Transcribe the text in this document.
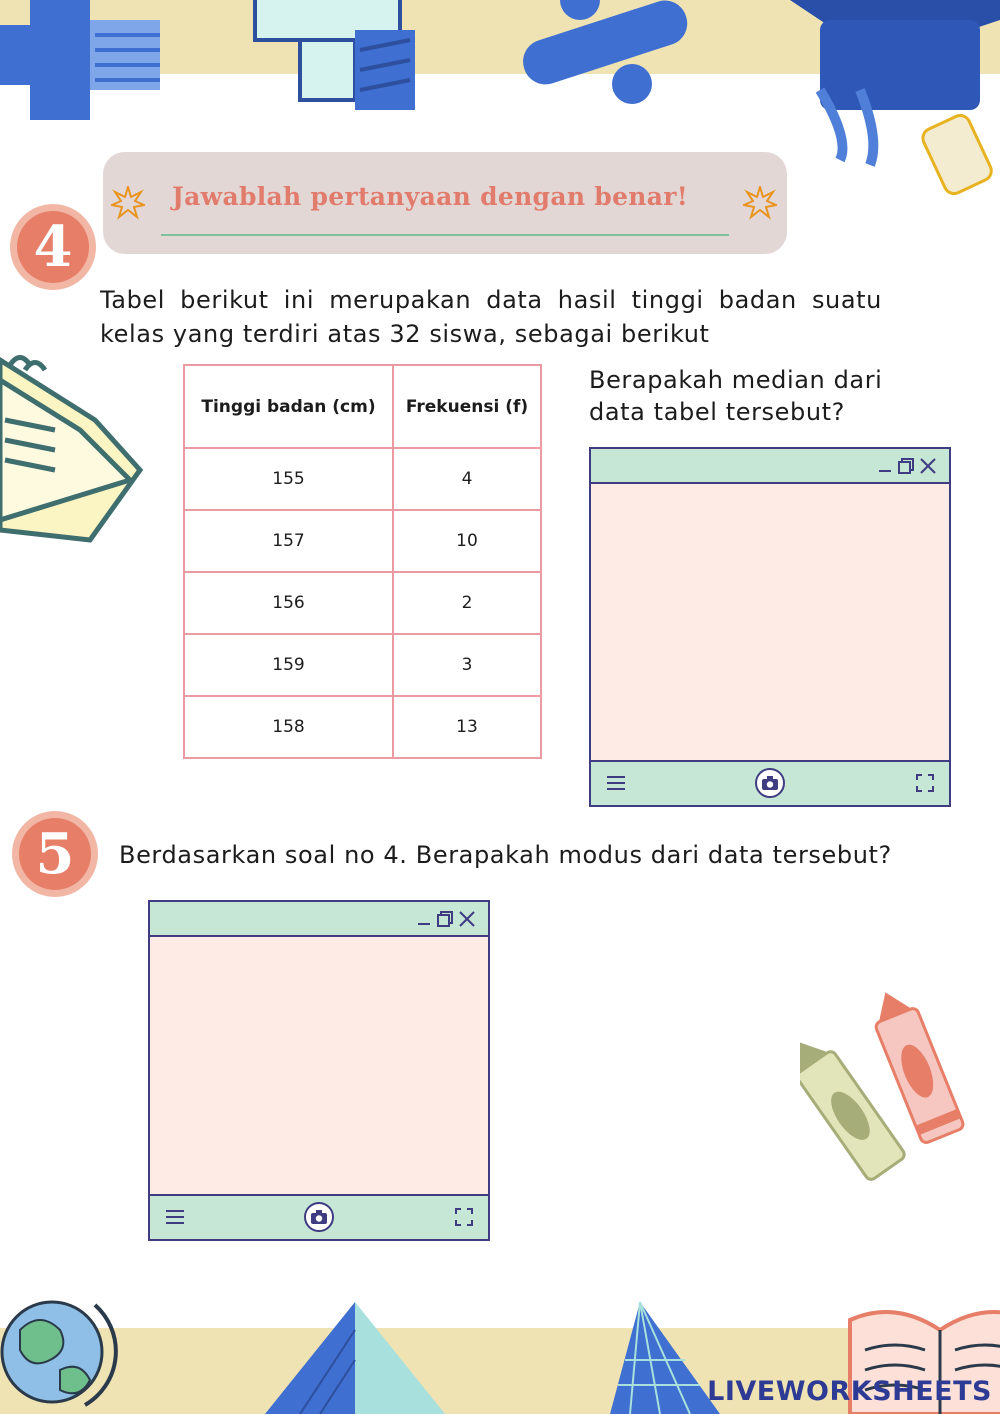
Jawablah pertanyaan dengan benar!
4
Tabel berikut ini merupakan data hasil tinggi badan suatu kelas yang terdiri atas 32 siswa, sebagai berikut
Tinggi badan (cm)	Frekuensi (f)
155	4
157	10
156	2
159	3
158	13
Berapakah median dari data tabel tersebut?
5	Berdasarkan soal no 4. Berapakah modus dari data tersebut?
LIVEWORKSHEETS
